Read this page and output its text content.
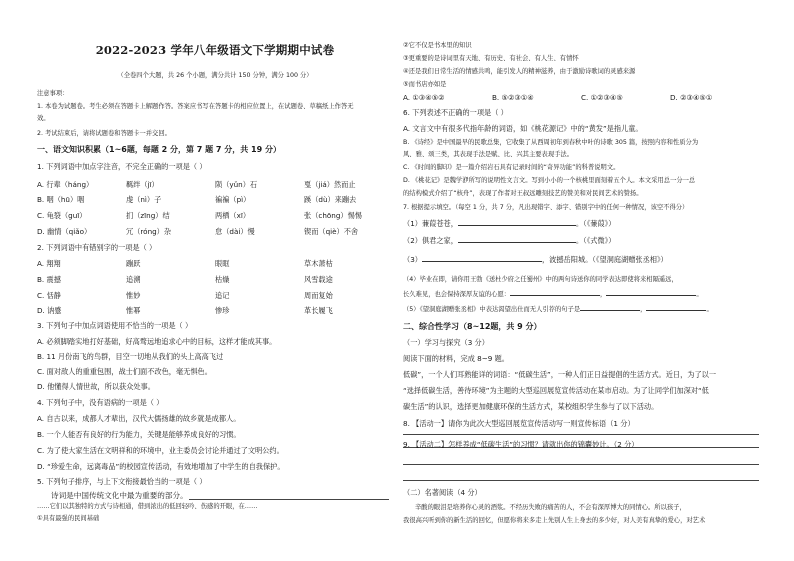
2022-2023 学年八年级语文下学期期中试卷
（全卷四个大题，共 26 个小题，满分共计 150 分钟，满分 100 分）
注意事项：
1. 本卷为试题卷。考生必须在答题卡上解题作答。答案应书写在答题卡的相应位置上，在试题卷、草稿纸上作答无
效。
2. 考试结束后，请将试题卷和答题卡一并交回。
一、语文知识积累（1~6题，每题 2 分，第 7 题 7 分，共 19 分）
1. 下列词语中加点字注音，不完全正确的一项是（ ）
A. 行辈（háng）	羁绊（jī）	陨（yǔn）石	戛（jiá）然而止
B. 咽（hū）咽	虔（nì）子	褊褊（pì）	蹊（dù）来蹦去
C. 龟裂（guī）	扪（zīng）结	两栖（xī）	张（chōng）惕惕
D. 幽情（qiǎo）	冗（róng）杂	怠（dài）慢	锲而（qiè）不舍
2. 下列词语中有错别字的一项是（ ）
A. 翔翔	蹦跃	眼眶	草木萧枯
B. 震撼	追溯	枯燥	风雪载途
C. 恬静	惟妙	追记	周而复始
D. 讷蹙	惟幂	惨珍	革长履飞
3. 下列句子中加点词语使用不恰当的一项是（ ）
A. 必须脚踏实地打好基础，好高骛远地追求心中的目标，这样才能成其事。
B. 11 月份南飞的鸟群，目空一切地从我们的头上高高飞过
C. 面对敌人的重重包围，战士们面不改色，毫无惧色。
D. 他懂得人情世故，所以获众处事。
4. 下列句子中，没有语病的一项是（ ）
A. 自古以来，成都人才辈出，汉代大儒扬雄的故乡就是成都人。
B. 一个人能否有良好的行为能力，关键是能够养成良好的习惯。
C. 为了使大家生活在文明祥和的环境中，业主委员会讨论并通过了文明公约。
D. “珍爱生命，远离毒品”的校园宣传活动，有效地增加了中学生的自我保护。
5. 下列句子排序，与上下文衔接最恰当的一项是（ ）
诗词是中国传统文化中最为重要的部分。
……它们以其独特的方式与诗相通，借到浓出的低回轻吟、伤感的开眼，在……
①具有最强的民间基础
②它不仅是书本里的知识
③更重要的是诗词里有天地、有历史、有社会、有人生、有情怀
④还是我们日常生活的情感共鸣，能引发人的精神滋养，由于激励诗歌词的灵感来源
⑤而书店亦如是
A. ①③④⑤②	B. ⑤②③①④	C. ①②③④⑤	D. ②③④⑤①
6. 下列表述不正确的一项是（ ）
A. 文言文中有很多代指年龄的词语，如《桃花源记》中的“黄发”是指儿童。
B. 《诗经》是中国最早的民歌总集，它收集了从西周初年到春秋中叶的诗歌 305 篇，按照内容和性质分为
风、雅、颂三类，其表现手法是赋、比、兴其主要表现手法。
C. 《时间的脚印》是一篇介绍岩石具有记录时间的“奇异功能”的科普说明文。
D. 《桃花记》是魏学洢所写的说明性文言文。写到小小的一个核桃里面刻着五个人。本文采用总一分一总
的结构模式介绍了“核舟”，表现了作者对王叔远雕刻技艺的赞美和对民间艺术的赞扬。
7. 根据提示填空。（每空 1 分，共 7 分，凡出现错字、添字、错别字中的任何一种情况，该空不得分）
（1）蒹葭苍苍，	。（《蒹葭》）
（2）俱君之家，	。（《式微》）
（3）	，波撼岳阳城。（《望洞庭湖赠张丞相》）
（4）毕业在即，请你用王勃《送杜少府之任蜀州》中的两句诗送你的同学表达即使将来相隔遥远，
长久难见，也会保持深厚友谊的心愿：	，	。
（5）《望洞庭湖赠张丞相》中表达渴望出仕而无人引荐的句子是	，	。
二、综合性学习（8~12题，共 9 分）
（一）学习与探究（3 分）
阅读下面的材料，完成 8~9 题。
低碳”，一个人们耳熟能详的词语：“低碳生活”，一种人们正日益提倡的生活方式。近日，为了以一
“选择低碳生活，善待环境”为主题的大型巡回展览宣传活动在某市启动。为了让同学们加深对“低
碳生活”的认识，选择更加健康环保的生活方式，某校组织学生参与了以下活动。
8. 【活动一】请你为此次大型巡回展览宣传活动写一则宣传标语（1 分）
9. 【活动二】怎样养成“低碳生活”的习惯？请就出你的锦囊妙计。（2 分）
（二）名著阅读（4 分）
辛酸的眼泪是培养你心灵的酒浆。不经历失败的痛苦的人，不会有深厚博大的同情心。所以孩子，
我很高兴听到你的新生活的回忆，但愿你将来多走上先别人生上身去的多少好，对人美有真挚的爱心，对艺术
